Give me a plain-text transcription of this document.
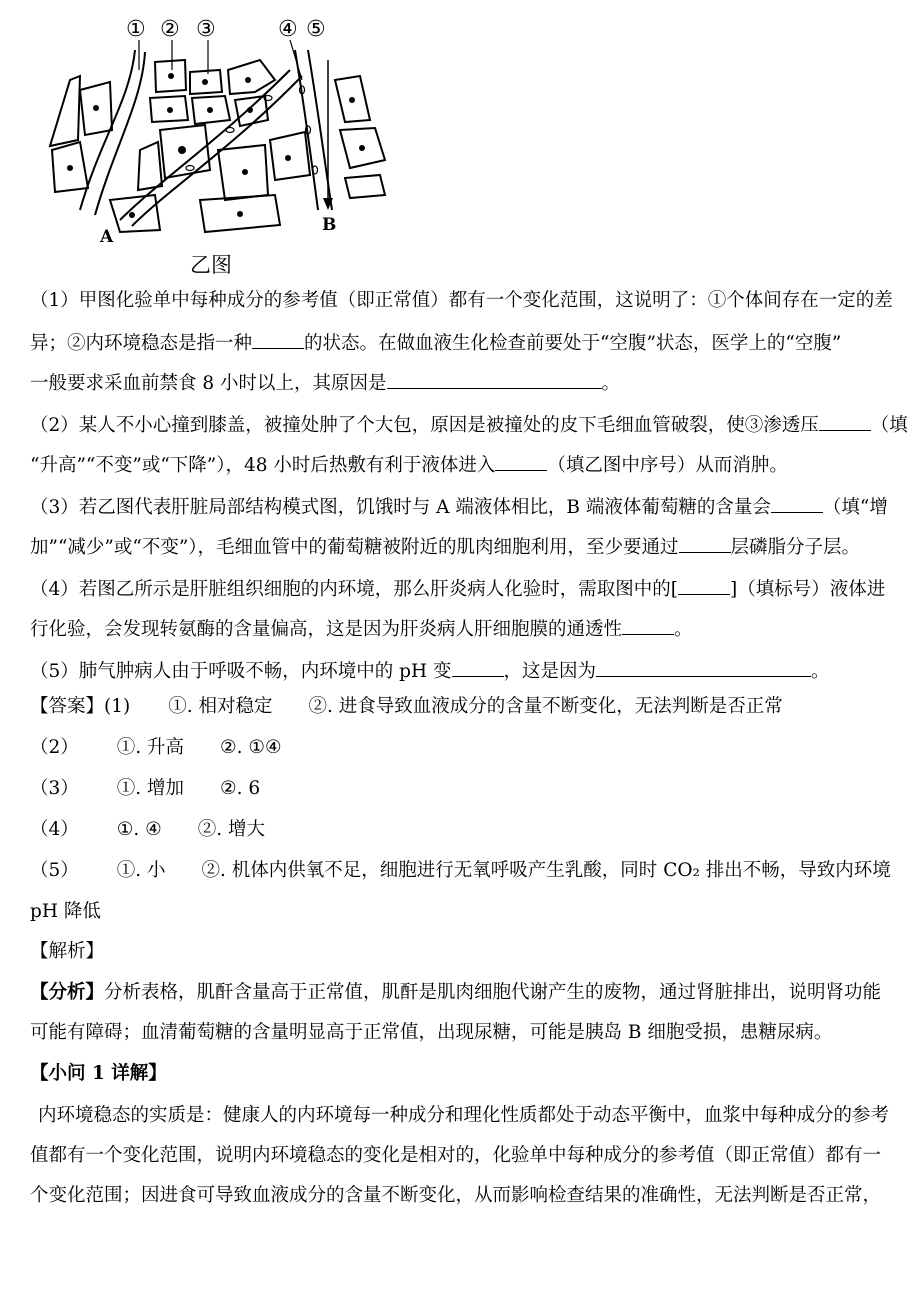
① ② ③	④ ⑤
A
B
乙图
（1）甲图化验单中每种成分的参考值（即正常值）都有一个变化范围，这说明了：①个体间存在一定的差
异；②内环境稳态是指一种	的状态。在做血液生化检查前要处于“空腹”状态，医学上的“空腹”
一般要求采血前禁食 8 小时以上，其原因是	。
（2）某人不小心撞到膝盖，被撞处肿了个大包，原因是被撞处的皮下毛细血管破裂，使③渗透压	（填
“升高”“不变”或“下降”），48 小时后热敷有利于液体进入	（填乙图中序号）从而消肿。
（3）若乙图代表肝脏局部结构模式图，饥饿时与 A 端液体相比，B 端液体葡萄糖的含量会	（填“增
加”“减少”或“不变”），毛细血管中的葡萄糖被附近的肌肉细胞利用，至少要通过	层磷脂分子层。
（4）若图乙所示是肝脏组织细胞的内环境，那么肝炎病人化验时，需取图中的[	]（填标号）液体进
行化验，会发现转氨酶的含量偏高，这是因为肝炎病人肝细胞膜的通透性	。
（5）肺气肿病人由于呼吸不畅，内环境中的 pH 变	，这是因为	。
【答案】(1) ①. 相对稳定 ②. 进食导致血液成分的含量不断变化，无法判断是否正常
（2） ①. 升高 ②. ①④
（3） ①. 增加 ②. 6
（4） ①. ④ ②. 增大
（5） ①. 小 ②. 机体内供氧不足，细胞进行无氧呼吸产生乳酸，同时 CO₂ 排出不畅，导致内环境
pH 降低
【解析】
【分析】分析表格，肌酐含量高于正常值，肌酐是肌肉细胞代谢产生的废物，通过肾脏排出，说明肾功能
可能有障碍；血清葡萄糖的含量明显高于正常值，出现尿糖，可能是胰岛 B 细胞受损，患糖尿病。
【小问 1 详解】
内环境稳态的实质是：健康人的内环境每一种成分和理化性质都处于动态平衡中，血浆中每种成分的参考
值都有一个变化范围，说明内环境稳态的变化是相对的，化验单中每种成分的参考值（即正常值）都有一
个变化范围；因进食可导致血液成分的含量不断变化，从而影响检查结果的准确性，无法判断是否正常，
